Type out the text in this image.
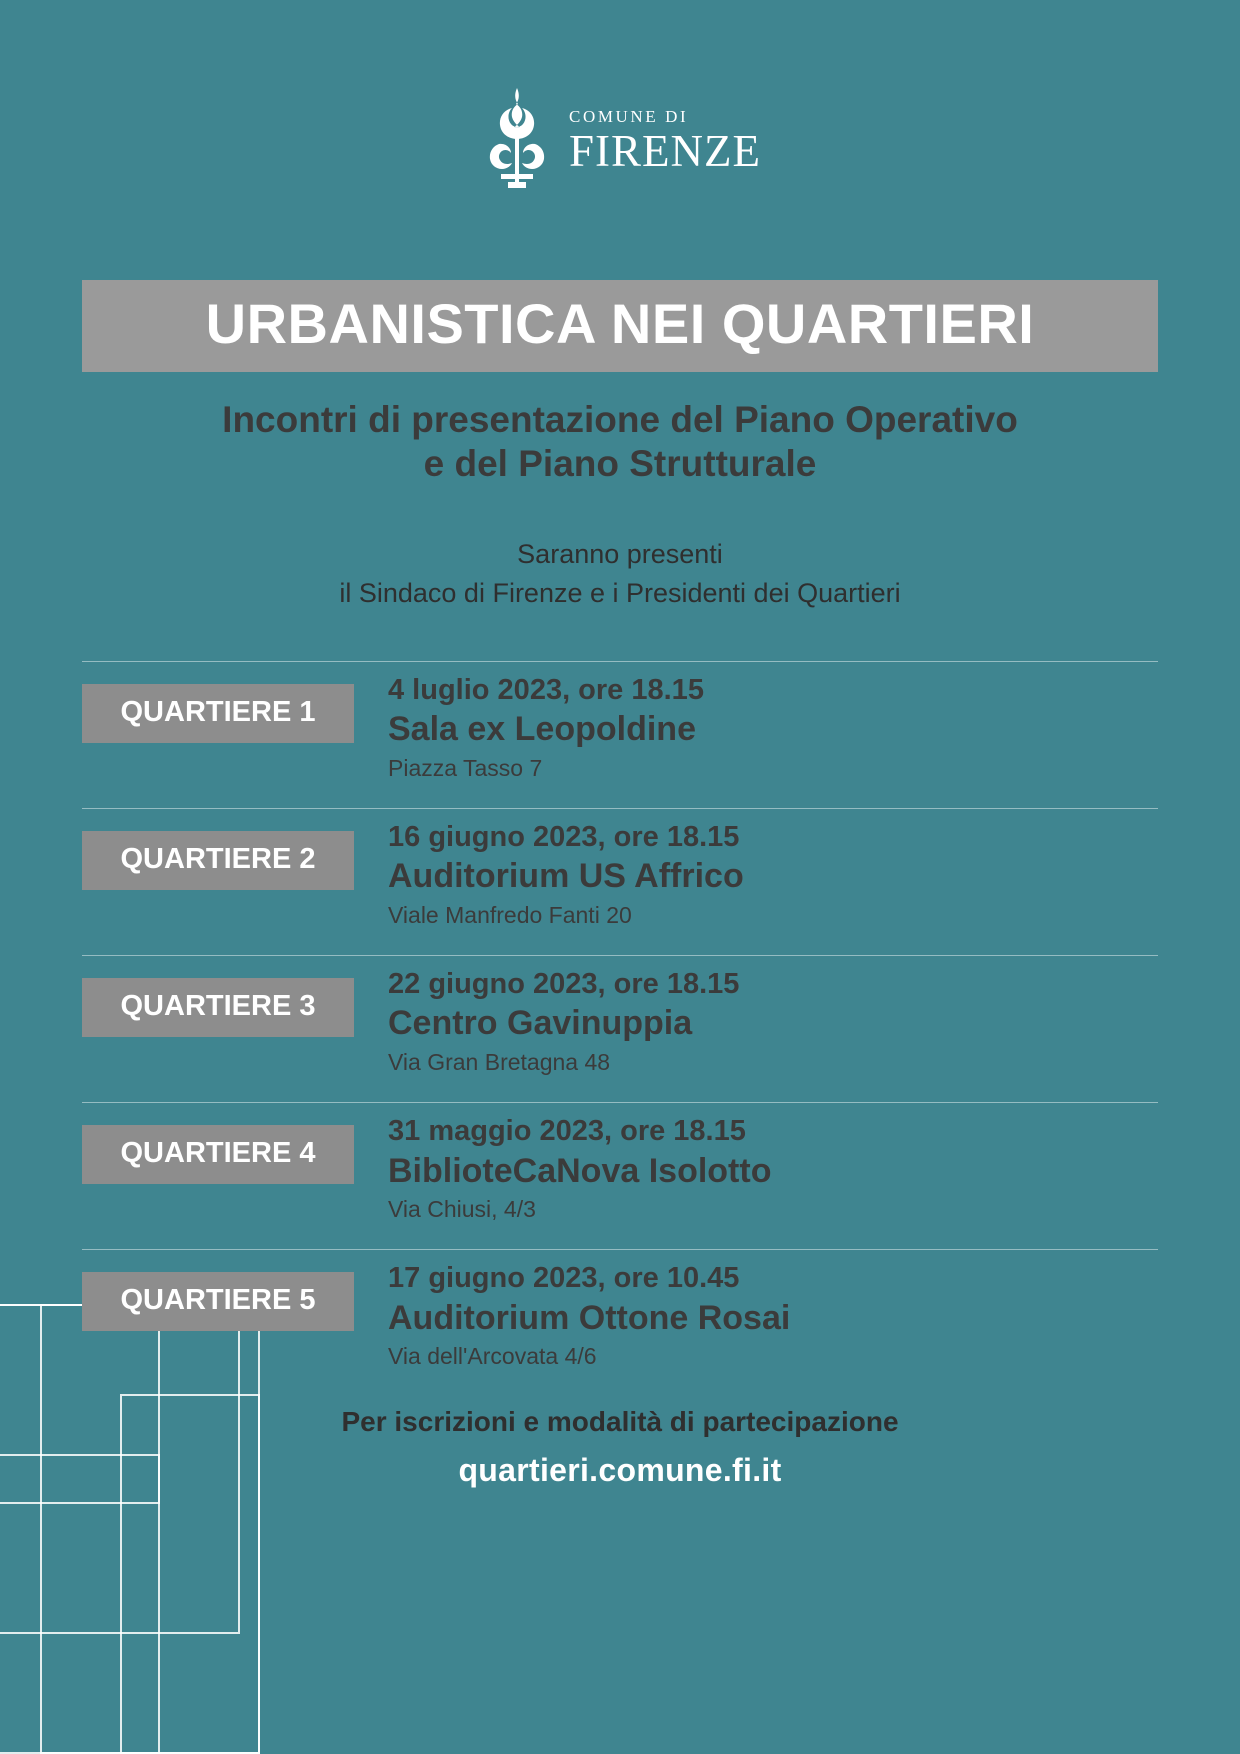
COMUNE DI
FIRENZE
URBANISTICA NEI QUARTIERI
Incontri di presentazione del Piano Operativo
e del Piano Strutturale
Saranno presenti
il Sindaco di Firenze e i Presidenti dei Quartieri
QUARTIERE 1
4 luglio 2023, ore 18.15
Sala ex Leopoldine
Piazza Tasso 7
QUARTIERE 2
16 giugno 2023, ore 18.15
Auditorium US Affrico
Viale Manfredo Fanti 20
QUARTIERE 3
22 giugno 2023, ore 18.15
Centro Gavinuppia
Via Gran Bretagna 48
QUARTIERE 4
31 maggio 2023, ore 18.15
BiblioteCaNova Isolotto
Via Chiusi, 4/3
QUARTIERE 5
17 giugno 2023, ore 10.45
Auditorium Ottone Rosai
Via dell'Arcovata 4/6
Per iscrizioni e modalità di partecipazione
quartieri.comune.fi.it
